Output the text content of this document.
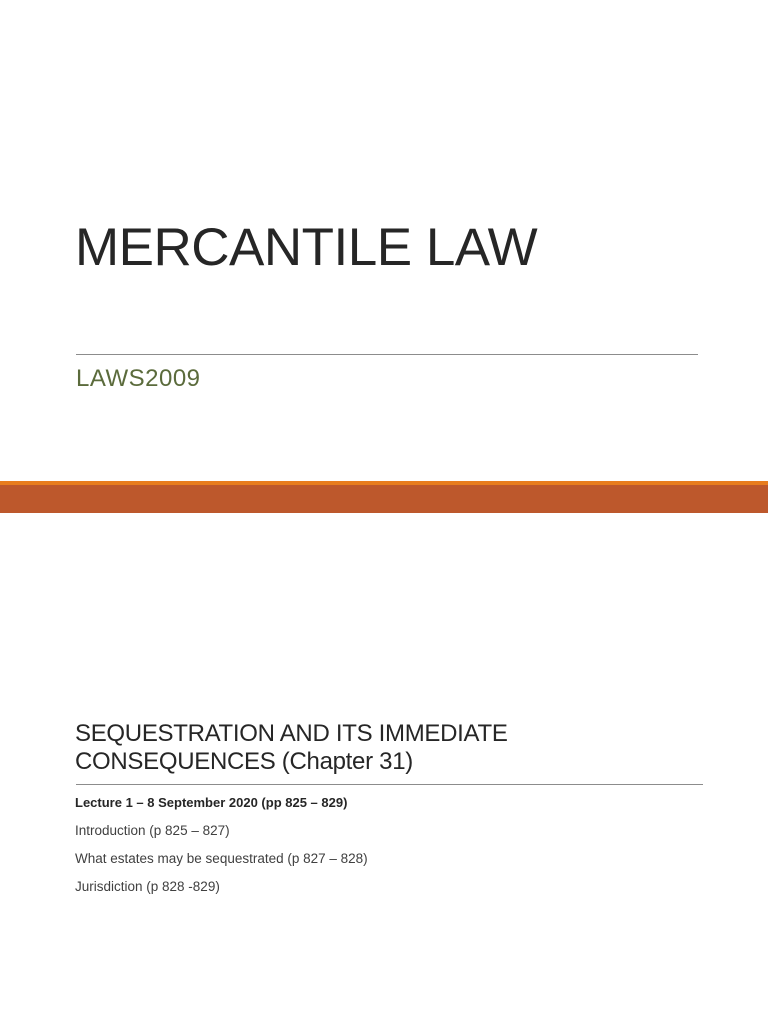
MERCANTILE LAW

LAWS2009

SEQUESTRATION AND ITS IMMEDIATE CONSEQUENCES (Chapter 31)
Lecture 1 – 8 September 2020 (pp 825 – 829)
Introduction (p 825 – 827)
What estates may be sequestrated (p 827 – 828)
Jurisdiction (p 828 -829)
